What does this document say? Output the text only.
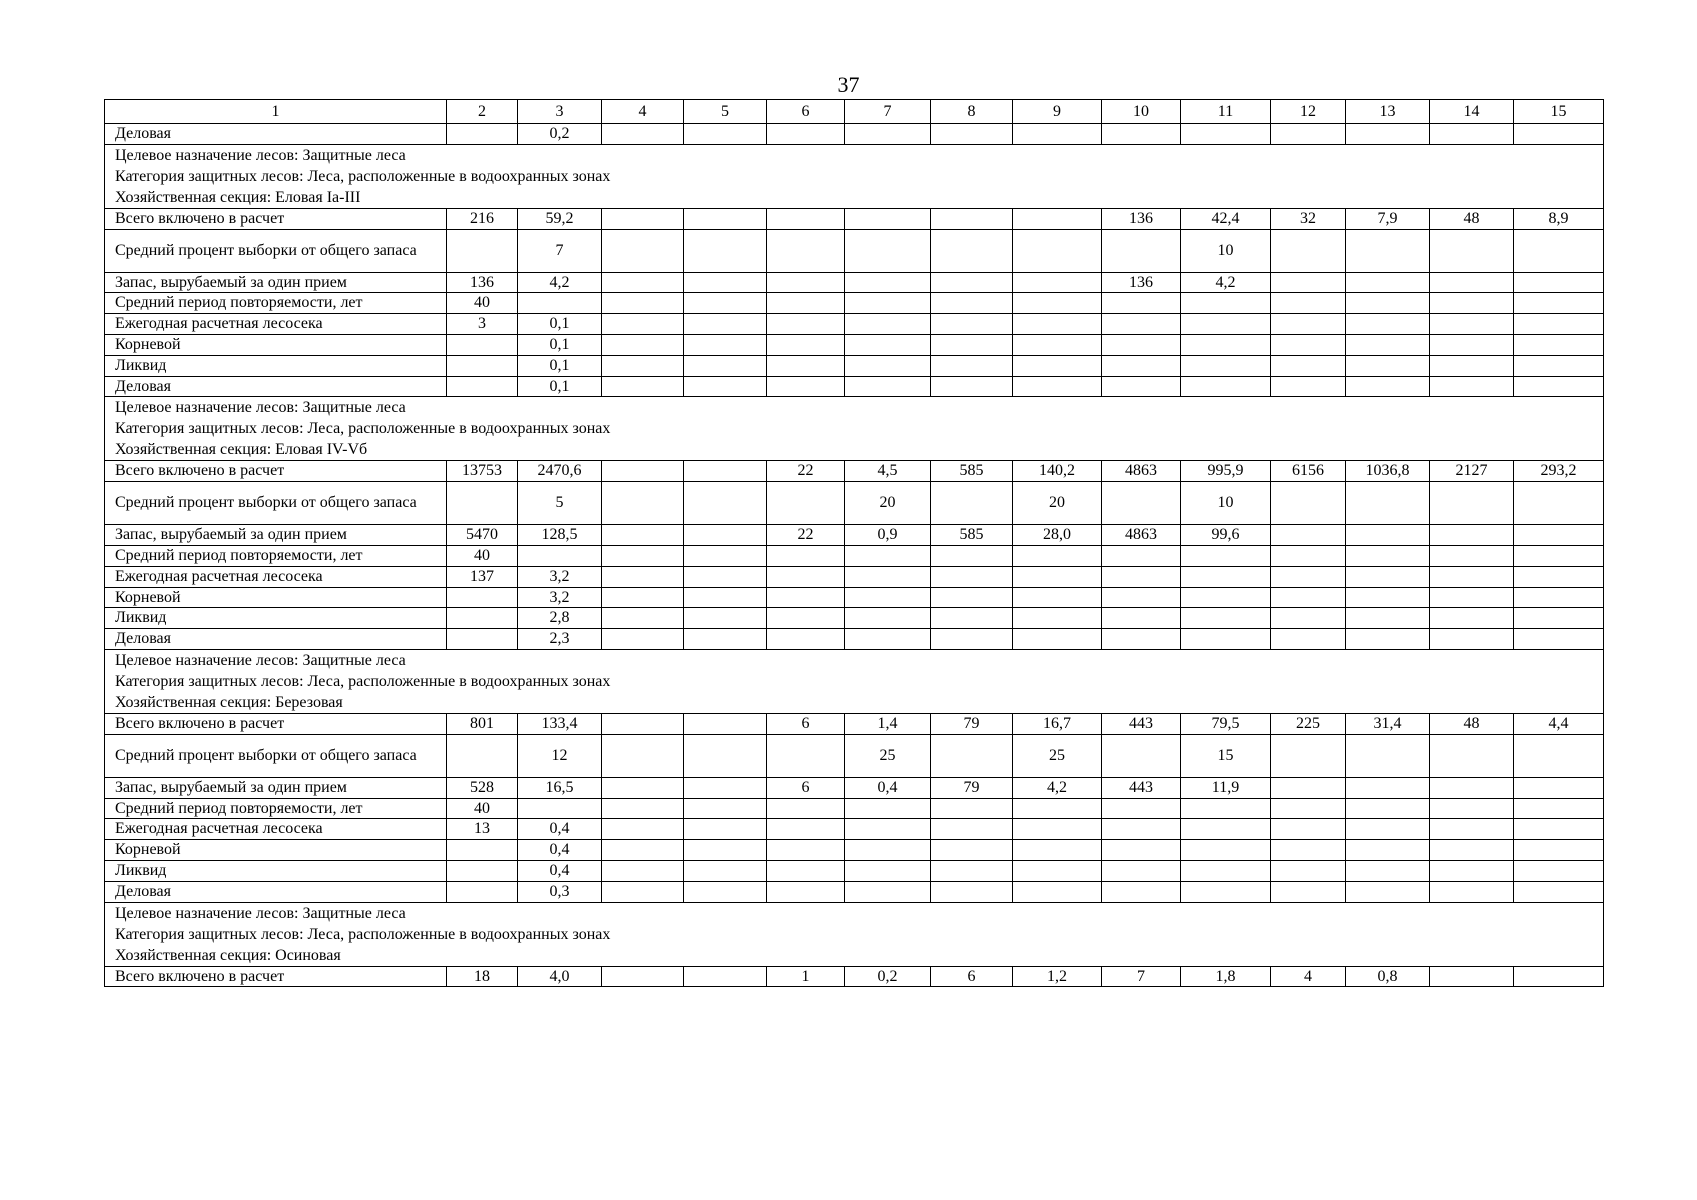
37
1	2	3	4	5	6	7	8	9	10	11	12	13	14	15
Деловая		0,2												

Целевое назначение лесов: Защитные леса
Категория защитных лесов: Леса, расположенные в водоохранных зонах
Хозяйственная секция: Еловая Ia-III														

Всего включено в расчет	216	59,2							136	42,4	32	7,9	48	8,9
Средний процент выборки от общего запаса		7								10				
Запас, вырубаемый за один прием	136	4,2							136	4,2				
Средний период повторяемости, лет	40													
Ежегодная расчетная лесосека	3	0,1												
Корневой		0,1												
Ликвид		0,1												
Деловая		0,1												

Целевое назначение лесов: Защитные леса
Категория защитных лесов: Леса, расположенные в водоохранных зонах
Хозяйственная секция: Еловая IV-Vб														

Всего включено в расчет	13753	2470,6			22	4,5	585	140,2	4863	995,9	6156	1036,8	2127	293,2
Средний процент выборки от общего запаса		5				20		20		10				
Запас, вырубаемый за один прием	5470	128,5			22	0,9	585	28,0	4863	99,6				
Средний период повторяемости, лет	40													
Ежегодная расчетная лесосека	137	3,2												
Корневой		3,2												
Ликвид		2,8												
Деловая		2,3												

Целевое назначение лесов: Защитные леса
Категория защитных лесов: Леса, расположенные в водоохранных зонах
Хозяйственная секция: Березовая														

Всего включено в расчет	801	133,4			6	1,4	79	16,7	443	79,5	225	31,4	48	4,4
Средний процент выборки от общего запаса		12				25		25		15				
Запас, вырубаемый за один прием	528	16,5			6	0,4	79	4,2	443	11,9				
Средний период повторяемости, лет	40													
Ежегодная расчетная лесосека	13	0,4												
Корневой		0,4												
Ликвид		0,4												
Деловая		0,3												

Целевое назначение лесов: Защитные леса
Категория защитных лесов: Леса, расположенные в водоохранных зонах
Хозяйственная секция: Осиновая														

Всего включено в расчет	18	4,0			1	0,2	6	1,2	7	1,8	4	0,8		
